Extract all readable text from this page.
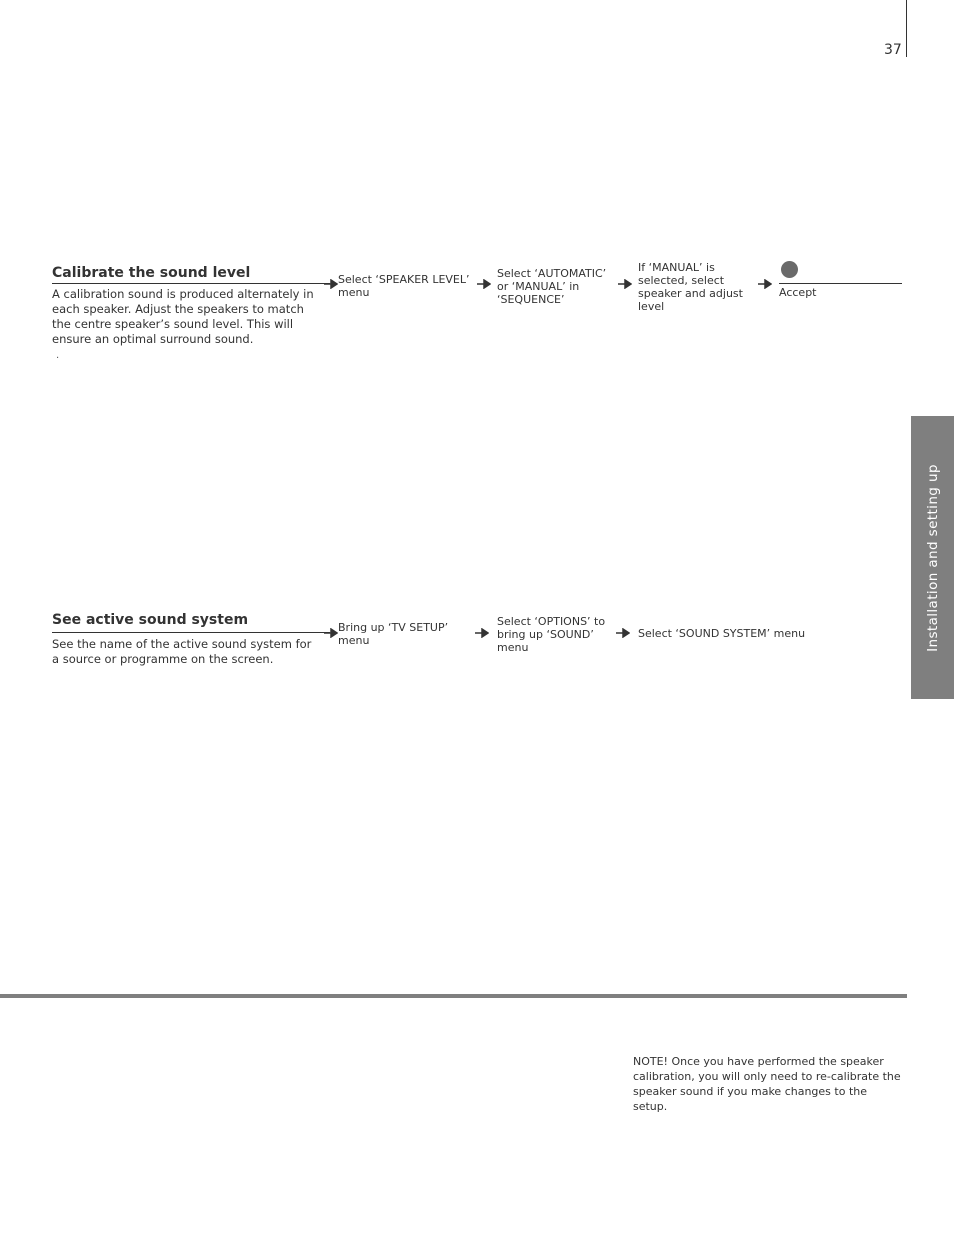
37
Installation and setting up
Calibrate the sound level

A calibration sound is produced alternately in each speaker. Adjust the speakers to match the centre speaker’s sound level. This will ensure an optimal surround sound.

.
Select ‘SPEAKER LEVEL’ menu
Select ‘AUTOMATIC’ or ‘MANUAL’ in ‘SEQUENCE’
If ‘MANUAL’ is selected, select speaker and adjust level
Accept
See active sound system

See the name of the active sound system for a source or programme on the screen.

Bring up ‘TV SETUP’ menu
Select ‘OPTIONS’ to bring up ‘SOUND’ menu
Select ‘SOUND SYSTEM’ menu

NOTE! Once you have performed the speaker calibration, you will only need to re-calibrate the speaker sound if you make changes to the setup.
